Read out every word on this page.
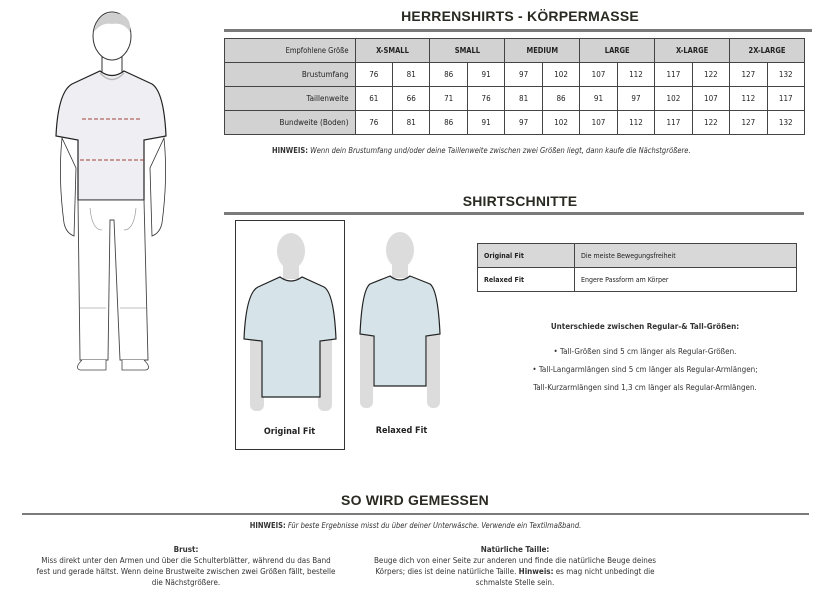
HERRENSHIRTS - KÖRPERMASSE
Empfohlene Größe	X-SMALL		SMALL		MEDIUM		LARGE		X-LARGE		2X-LARGE	
Brustumfang	76	81	86	91	97	102	107	112	117	122	127	132
Taillenweite	61	66	71	76	81	86	91	97	102	107	112	117
Bundweite (Boden)	76	81	86	91	97	102	107	112	117	122	127	132
HINWEIS: Wenn dein Brustumfang und/oder deine Taillenweite zwischen zwei Größen liegt, dann kaufe die Nächstgrößere.
SHIRTSCHNITTE
Original Fit	Relaxed Fit
Original Fit	Die meiste Bewegungsfreiheit
Relaxed Fit	Engere Passform am Körper
Unterschiede zwischen Regular-& Tall-Größen:
• Tall-Größen sind 5 cm länger als Regular-Größen.
• Tall-Langarmlängen sind 5 cm länger als Regular-Armlängen;
Tall-Kurzarmlängen sind 1,3 cm länger als Regular-Armlängen.
SO WIRD GEMESSEN
HINWEIS: Für beste Ergebnisse misst du über deiner Unterwäsche. Verwende ein Textilmaßband.
Brust:
Miss direkt unter den Armen und über die Schulterblätter, während du das Band fest und gerade hältst. Wenn deine Brustweite zwischen zwei Größen fällt, bestelle die Nächstgrößere.
Natürliche Taille:
Beuge dich von einer Seite zur anderen und finde die natürliche Beuge deines Körpers; dies ist deine natürliche Taille. Hinweis: es mag nicht unbedingt die schmalste Stelle sein.
